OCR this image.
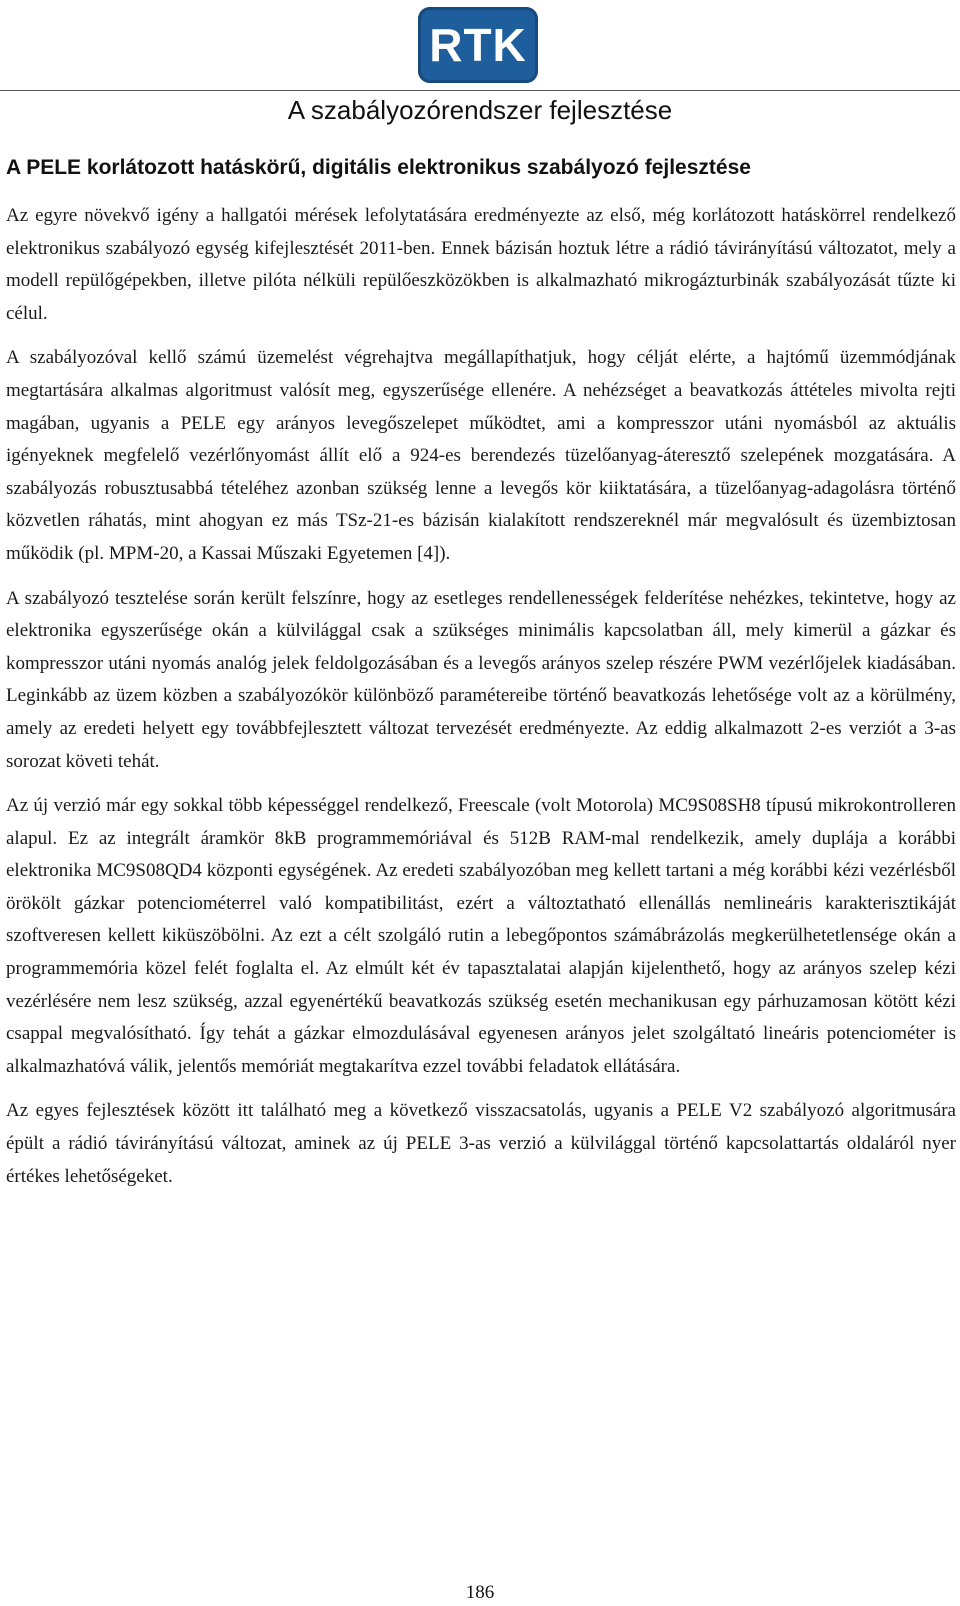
RTK
A szabályozórendszer fejlesztése
A PELE korlátozott hatáskörű, digitális elektronikus szabályozó fejlesztése

Az egyre növekvő igény a hallgatói mérések lefolytatására eredményezte az első, még korlátozott hatáskörrel rendelkező elektronikus szabályozó egység kifejlesztését 2011-ben. Ennek bázisán hoztuk létre a rádió távirányítású változatot, mely a modell repülőgépekben, illetve pilóta nélküli repülőeszközökben is alkalmazható mikrogázturbinák szabályozását tűzte ki célul.

A szabályozóval kellő számú üzemelést végrehajtva megállapíthatjuk, hogy célját elérte, a hajtómű üzemmódjának megtartására alkalmas algoritmust valósít meg, egyszerűsége ellenére. A nehézséget a beavatkozás áttételes mivolta rejti magában, ugyanis a PELE egy arányos levegőszelepet működtet, ami a kompresszor utáni nyomásból az aktuális igényeknek megfelelő vezérlőnyomást állít elő a 924-es berendezés tüzelőanyag-áteresztő szelepének mozgatására. A szabályozás robusztusabbá tételéhez azonban szükség lenne a levegős kör kiiktatására, a tüzelőanyag-adagolásra történő közvetlen ráhatás, mint ahogyan ez más TSz-21-es bázisán kialakított rendszereknél már megvalósult és üzembiztosan működik (pl. MPM-20, a Kassai Műszaki Egyetemen [4]).

A szabályozó tesztelése során került felszínre, hogy az esetleges rendellenességek felderítése nehézkes, tekintetve, hogy az elektronika egyszerűsége okán a külvilággal csak a szükséges minimális kapcsolatban áll, mely kimerül a gázkar és kompresszor utáni nyomás analóg jelek feldolgozásában és a levegős arányos szelep részére PWM vezérlőjelek kiadásában. Leginkább az üzem közben a szabályozókör különböző paramétereibe történő beavatkozás lehetősége volt az a körülmény, amely az eredeti helyett egy továbbfejlesztett változat tervezését eredményezte. Az eddig alkalmazott 2-es verziót a 3-as sorozat követi tehát.

Az új verzió már egy sokkal több képességgel rendelkező, Freescale (volt Motorola) MC9S08SH8 típusú mikrokontrolleren alapul. Ez az integrált áramkör 8kB programmemóriával és 512B RAM-mal rendelkezik, amely duplája a korábbi elektronika MC9S08QD4 központi egységének. Az eredeti szabályozóban meg kellett tartani a még korábbi kézi vezérlésből örökölt gázkar potenciométerrel való kompatibilitást, ezért a változtatható ellenállás nemlineáris karakterisztikáját szoftveresen kellett kiküszöbölni. Az ezt a célt szolgáló rutin a lebegőpontos számábrázolás megkerülhetetlensége okán a programmemória közel felét foglalta el. Az elmúlt két év tapasztalatai alapján kijelenthető, hogy az arányos szelep kézi vezérlésére nem lesz szükség, azzal egyenértékű beavatkozás szükség esetén mechanikusan egy párhuzamosan kötött kézi csappal megvalósítható. Így tehát a gázkar elmozdulásával egyenesen arányos jelet szolgáltató lineáris potenciométer is alkalmazhatóvá válik, jelentős memóriát megtakarítva ezzel további feladatok ellátására.

Az egyes fejlesztések között itt található meg a következő visszacsatolás, ugyanis a PELE V2 szabályozó algoritmusára épült a rádió távirányítású változat, aminek az új PELE 3-as verzió a külvilággal történő kapcsolattartás oldaláról nyer értékes lehetőségeket.

186
